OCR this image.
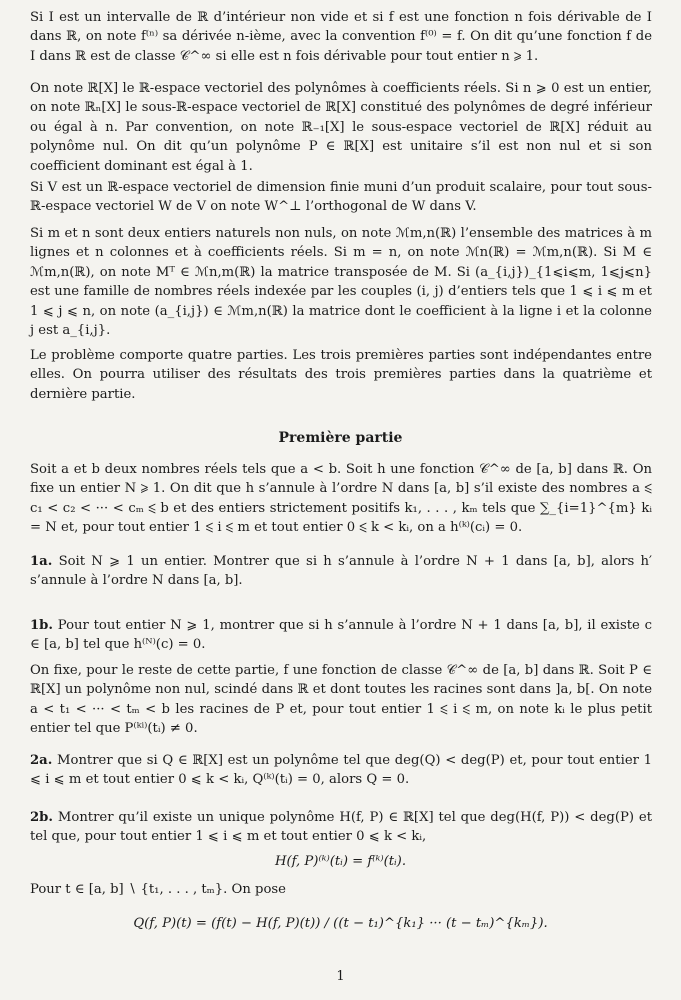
Si I est un intervalle de ℝ d’intérieur non vide et si f est une fonction n fois dérivable de I dans ℝ, on note f⁽ⁿ⁾ sa dérivée n-ième, avec la convention f⁽⁰⁾ = f. On dit qu’une fonction f de I dans ℝ est de classe 𝒞^∞ si elle est n fois dérivable pour tout entier n ⩾ 1.

On note ℝ[X] le ℝ-espace vectoriel des polynômes à coefficients réels. Si n ⩾ 0 est un entier, on note ℝₙ[X] le sous-ℝ-espace vectoriel de ℝ[X] constitué des polynômes de degré inférieur ou égal à n. Par convention, on note ℝ₋₁[X] le sous-espace vectoriel de ℝ[X] réduit au polynôme nul. On dit qu’un polynôme P ∈ ℝ[X] est unitaire s’il est non nul et si son coefficient dominant est égal à 1.

Si V est un ℝ-espace vectoriel de dimension finie muni d’un produit scalaire, pour tout sous-ℝ-espace vectoriel W de V on note W^⊥ l’orthogonal de W dans V.

Si m et n sont deux entiers naturels non nuls, on note ℳm,n(ℝ) l’ensemble des matrices à m lignes et n colonnes et à coefficients réels. Si m = n, on note ℳn(ℝ) = ℳm,n(ℝ). Si M ∈ ℳm,n(ℝ), on note Mᵀ ∈ ℳn,m(ℝ) la matrice transposée de M. Si (a_{i,j})_{1⩽i⩽m, 1⩽j⩽n} est une famille de nombres réels indexée par les couples (i, j) d’entiers tels que 1 ⩽ i ⩽ m et 1 ⩽ j ⩽ n, on note (a_{i,j}) ∈ ℳm,n(ℝ) la matrice dont le coefficient à la ligne i et la colonne j est a_{i,j}.

Le problème comporte quatre parties. Les trois premières parties sont indépendantes entre elles. On pourra utiliser des résultats des trois premières parties dans la quatrième et dernière partie.

Première partie

Soit a et b deux nombres réels tels que a < b. Soit h une fonction 𝒞^∞ de [a, b] dans ℝ. On fixe un entier N ⩾ 1. On dit que h s’annule à l’ordre N dans [a, b] s’il existe des nombres a ⩽ c₁ < c₂ < ··· < cₘ ⩽ b et des entiers strictement positifs k₁, . . . , kₘ tels que ∑_{i=1}^{m} kᵢ = N et, pour tout entier 1 ⩽ i ⩽ m et tout entier 0 ⩽ k < kᵢ, on a h⁽ᵏ⁾(cᵢ) = 0.

1a. Soit N ⩾ 1 un entier. Montrer que si h s’annule à l’ordre N + 1 dans [a, b], alors h′ s’annule à l’ordre N dans [a, b].

1b. Pour tout entier N ⩾ 1, montrer que si h s’annule à l’ordre N + 1 dans [a, b], il existe c ∈ [a, b] tel que h⁽ᴺ⁾(c) = 0.

On fixe, pour le reste de cette partie, f une fonction de classe 𝒞^∞ de [a, b] dans ℝ. Soit P ∈ ℝ[X] un polynôme non nul, scindé dans ℝ et dont toutes les racines sont dans ]a, b[. On note a < t₁ < ··· < tₘ < b les racines de P et, pour tout entier 1 ⩽ i ⩽ m, on note kᵢ le plus petit entier tel que P⁽ᵏⁱ⁾(tᵢ) ≠ 0.

2a. Montrer que si Q ∈ ℝ[X] est un polynôme tel que deg(Q) < deg(P) et, pour tout entier 1 ⩽ i ⩽ m et tout entier 0 ⩽ k < kᵢ, Q⁽ᵏ⁾(tᵢ) = 0, alors Q = 0.

2b. Montrer qu’il existe un unique polynôme H(f, P) ∈ ℝ[X] tel que deg(H(f, P)) < deg(P) et tel que, pour tout entier 1 ⩽ i ⩽ m et tout entier 0 ⩽ k < kᵢ,

H(f, P)⁽ᵏ⁾(tᵢ) = f⁽ᵏ⁾(tᵢ).

Pour t ∈ [a, b] ∖ {t₁, . . . , tₘ}. On pose

Q(f, P)(t) = (f(t) − H(f, P)(t)) / ((t − t₁)^{k₁} ··· (t − tₘ)^{kₘ}).

1
